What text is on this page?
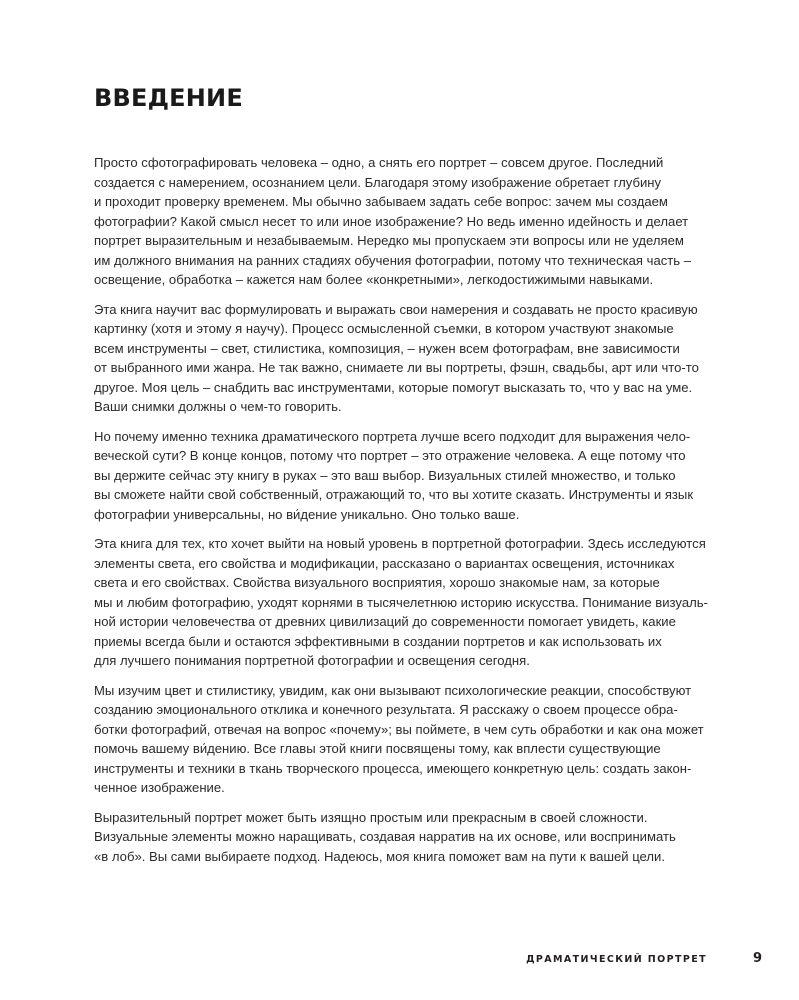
ВВЕДЕНИЕ

Просто сфотографировать человека – одно, а снять его портрет – совсем другое. Последний
создается с намерением, осознанием цели. Благодаря этому изображение обретает глубину
и проходит проверку временем. Мы обычно забываем задать себе вопрос: зачем мы создаем
фотографии? Какой смысл несет то или иное изображение? Но ведь именно идейность и делает
портрет выразительным и незабываемым. Нередко мы пропускаем эти вопросы или не уделяем
им должного внимания на ранних стадиях обучения фотографии, потому что техническая часть –
освещение, обработка – кажется нам более «конкретными», легкодостижимыми навыками.

Эта книга научит вас формулировать и выражать свои намерения и создавать не просто красивую
картинку (хотя и этому я научу). Процесс осмысленной съемки, в котором участвуют знакомые
всем инструменты – свет, стилистика, композиция, – нужен всем фотографам, вне зависимости
от выбранного ими жанра. Не так важно, снимаете ли вы портреты, фэшн, свадьбы, арт или что-то
другое. Моя цель – снабдить вас инструментами, которые помогут высказать то, что у вас на уме.
Ваши снимки должны о чем-то говорить.

Но почему именно техника драматического портрета лучше всего подходит для выражения чело-
веческой сути? В конце концов, потому что портрет – это отражение человека. А еще потому что
вы держите сейчас эту книгу в руках – это ваш выбор. Визуальных стилей множество, и только
вы сможете найти свой собственный, отражающий то, что вы хотите сказать. Инструменты и язык
фотографии универсальны, но ви́дение уникально. Оно только ваше.

Эта книга для тех, кто хочет выйти на новый уровень в портретной фотографии. Здесь исследуются
элементы света, его свойства и модификации, рассказано о вариантах освещения, источниках
света и его свойствах. Свойства визуального восприятия, хорошо знакомые нам, за которые
мы и любим фотографию, уходят корнями в тысячелетнюю историю искусства. Понимание визуаль-
ной истории человечества от древних цивилизаций до современности помогает увидеть, какие
приемы всегда были и остаются эффективными в создании портретов и как использовать их
для лучшего понимания портретной фотографии и освещения сегодня.

Мы изучим цвет и стилистику, увидим, как они вызывают психологические реакции, способствуют
созданию эмоционального отклика и конечного результата. Я расскажу о своем процессе обра-
ботки фотографий, отвечая на вопрос «почему»; вы поймете, в чем суть обработки и как она может
помочь вашему ви́дению. Все главы этой книги посвящены тому, как вплести существующие
инструменты и техники в ткань творческого процесса, имеющего конкретную цель: создать закон-
ченное изображение.

Выразительный портрет может быть изящно простым или прекрасным в своей сложности.
Визуальные элементы можно наращивать, создавая нарратив на их основе, или воспринимать
«в лоб». Вы сами выбираете подход. Надеюсь, моя книга поможет вам на пути к вашей цели.

ДРАМАТИЧЕСКИЙ ПОРТРЕТ	9
